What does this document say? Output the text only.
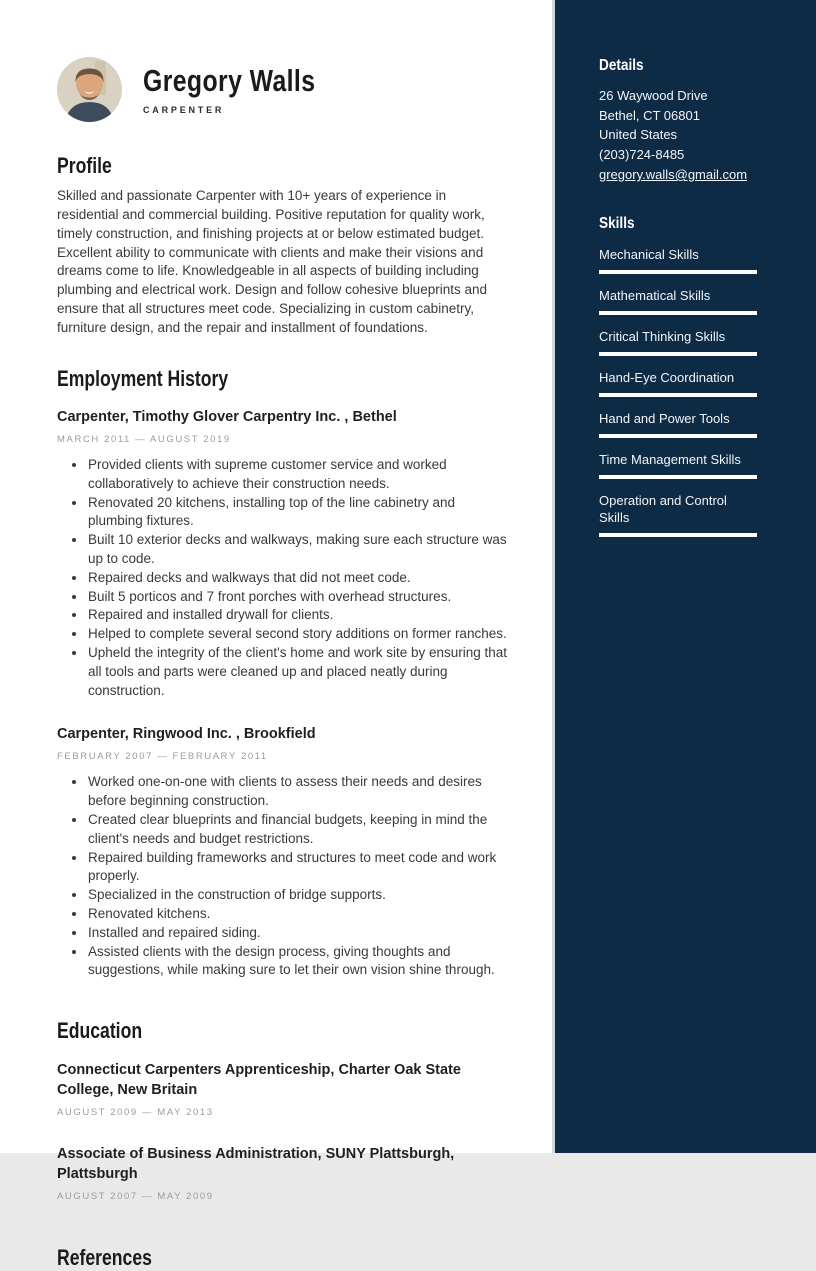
Gregory Walls
CARPENTER
Profile
Skilled and passionate Carpenter with 10+ years of experience in residential and commercial building. Positive reputation for quality work, timely construction, and finishing projects at or below estimated budget. Excellent ability to communicate with clients and make their visions and dreams come to life. Knowledgeable in all aspects of building including plumbing and electrical work. Design and follow cohesive blueprints and ensure that all structures meet code. Specializing in custom cabinetry, furniture design, and the repair and installment of foundations.
Employment History
Carpenter, Timothy Glover Carpentry Inc. , Bethel
MARCH 2011 — AUGUST 2019
• Provided clients with supreme customer service and worked collaboratively to achieve their construction needs.
• Renovated 20 kitchens, installing top of the line cabinetry and plumbing fixtures.
• Built 10 exterior decks and walkways, making sure each structure was up to code.
• Repaired decks and walkways that did not meet code.
• Built 5 porticos and 7 front porches with overhead structures.
• Repaired and installed drywall for clients.
• Helped to complete several second story additions on former ranches.
• Upheld the integrity of the client's home and work site by ensuring that all tools and parts were cleaned up and placed neatly during construction.
Carpenter, Ringwood Inc. , Brookfield
FEBRUARY 2007 — FEBRUARY 2011
• Worked one-on-one with clients to assess their needs and desires before beginning construction.
• Created clear blueprints and financial budgets, keeping in mind the client's needs and budget restrictions.
• Repaired building frameworks and structures to meet code and work properly.
• Specialized in the construction of bridge supports.
• Renovated kitchens.
• Installed and repaired siding.
• Assisted clients with the design process, giving thoughts and suggestions, while making sure to let their own vision shine through.
Education
Connecticut Carpenters Apprenticeship, Charter Oak State College, New Britain
AUGUST 2009 — MAY 2013
Associate of Business Administration, SUNY Plattsburgh, Plattsburgh
AUGUST 2007 — MAY 2009
References
Details
26 Waywood Drive
Bethel, CT 06801
United States
(203)724-8485
gregory.walls@gmail.com
Skills
Mechanical Skills
Mathematical Skills
Critical Thinking Skills
Hand-Eye Coordination
Hand and Power Tools
Time Management Skills
Operation and Control Skills
